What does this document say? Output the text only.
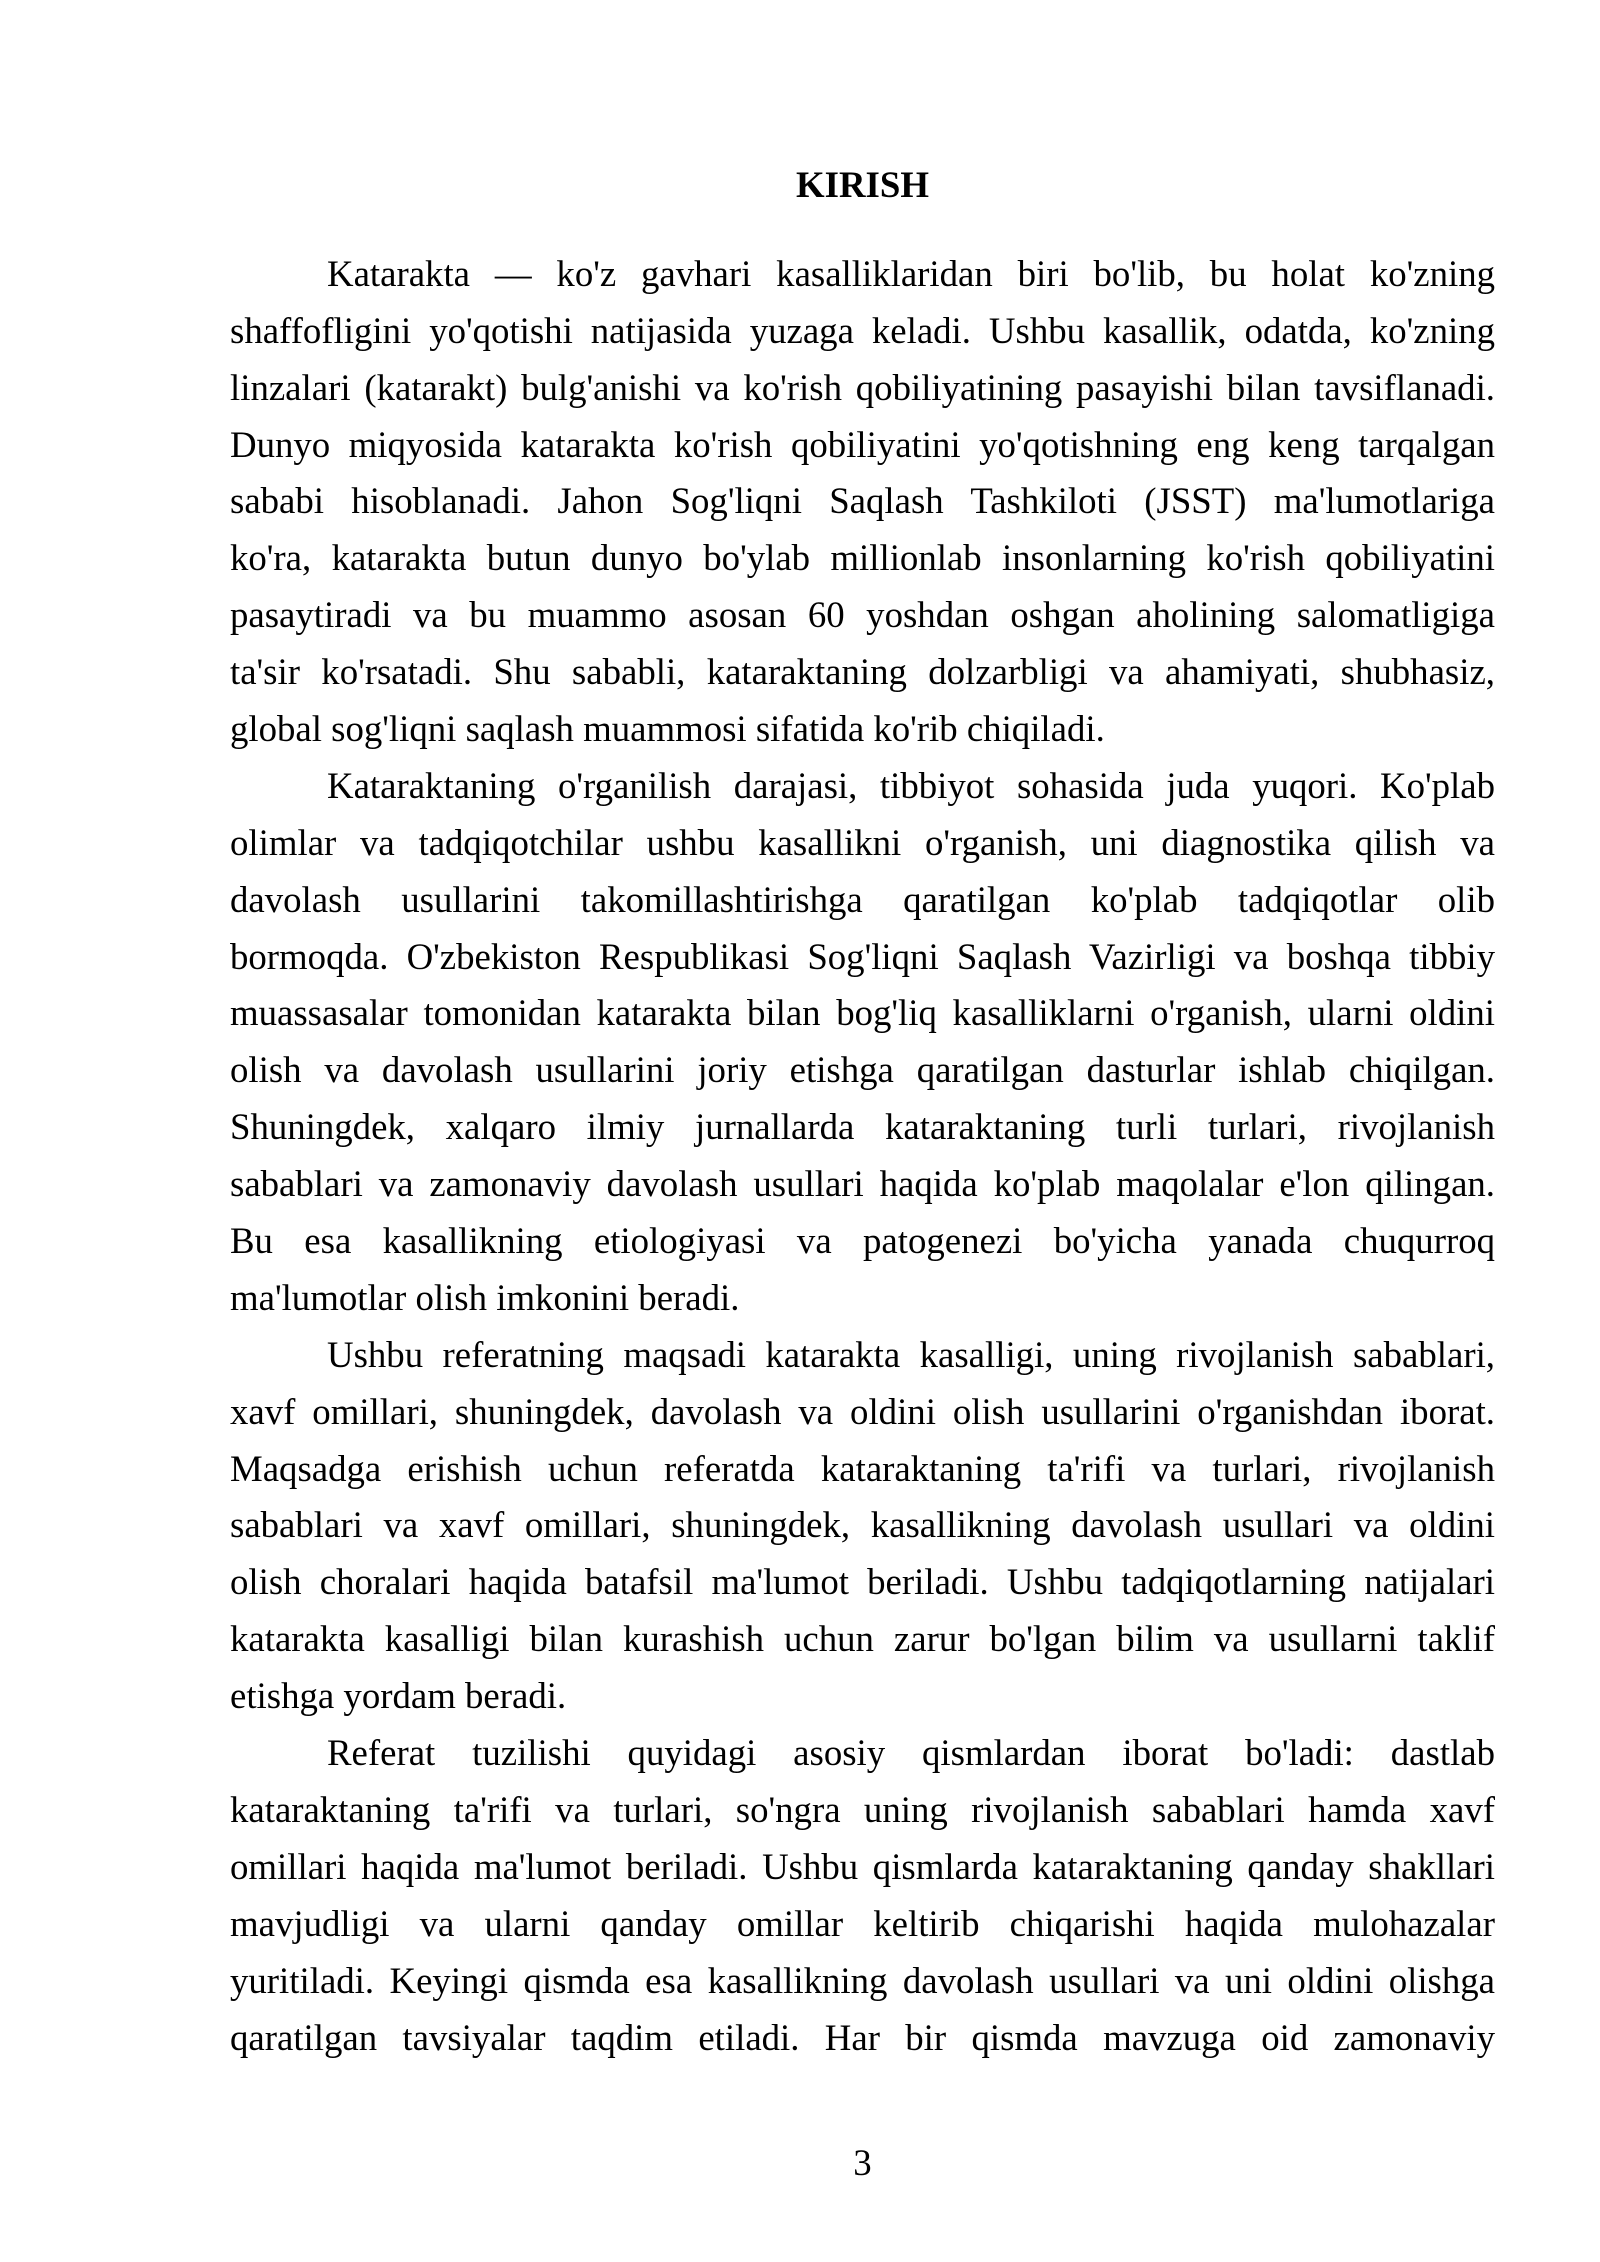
KIRISH
Katarakta — ko'z gavhari kasalliklaridan biri bo'lib, bu holat ko'zning
shaffofligini yo'qotishi natijasida yuzaga keladi. Ushbu kasallik, odatda, ko'zning
linzalari (katarakt) bulg'anishi va ko'rish qobiliyatining pasayishi bilan tavsiflanadi.
Dunyo miqyosida katarakta ko'rish qobiliyatini yo'qotishning eng keng tarqalgan
sababi hisoblanadi. Jahon Sog'liqni Saqlash Tashkiloti (JSST) ma'lumotlariga
ko'ra, katarakta butun dunyo bo'ylab millionlab insonlarning ko'rish qobiliyatini
pasaytiradi va bu muammo asosan 60 yoshdan oshgan aholining salomatligiga
ta'sir ko'rsatadi. Shu sababli, kataraktaning dolzarbligi va ahamiyati, shubhasiz,
global sog'liqni saqlash muammosi sifatida ko'rib chiqiladi.
Kataraktaning o'rganilish darajasi, tibbiyot sohasida juda yuqori. Ko'plab
olimlar va tadqiqotchilar ushbu kasallikni o'rganish, uni diagnostika qilish va
davolash usullarini takomillashtirishga qaratilgan ko'plab tadqiqotlar olib
bormoqda. O'zbekiston Respublikasi Sog'liqni Saqlash Vazirligi va boshqa tibbiy
muassasalar tomonidan katarakta bilan bog'liq kasalliklarni o'rganish, ularni oldini
olish va davolash usullarini joriy etishga qaratilgan dasturlar ishlab chiqilgan.
Shuningdek, xalqaro ilmiy jurnallarda kataraktaning turli turlari, rivojlanish
sabablari va zamonaviy davolash usullari haqida ko'plab maqolalar e'lon qilingan.
Bu esa kasallikning etiologiyasi va patogenezi bo'yicha yanada chuqurroq
ma'lumotlar olish imkonini beradi.
Ushbu referatning maqsadi katarakta kasalligi, uning rivojlanish sabablari,
xavf omillari, shuningdek, davolash va oldini olish usullarini o'rganishdan iborat.
Maqsadga erishish uchun referatda kataraktaning ta'rifi va turlari, rivojlanish
sabablari va xavf omillari, shuningdek, kasallikning davolash usullari va oldini
olish choralari haqida batafsil ma'lumot beriladi. Ushbu tadqiqotlarning natijalari
katarakta kasalligi bilan kurashish uchun zarur bo'lgan bilim va usullarni taklif
etishga yordam beradi.
Referat tuzilishi quyidagi asosiy qismlardan iborat bo'ladi: dastlab
kataraktaning ta'rifi va turlari, so'ngra uning rivojlanish sabablari hamda xavf
omillari haqida ma'lumot beriladi. Ushbu qismlarda kataraktaning qanday shakllari
mavjudligi va ularni qanday omillar keltirib chiqarishi haqida mulohazalar
yuritiladi. Keyingi qismda esa kasallikning davolash usullari va uni oldini olishga
qaratilgan tavsiyalar taqdim etiladi. Har bir qismda mavzuga oid zamonaviy
3
